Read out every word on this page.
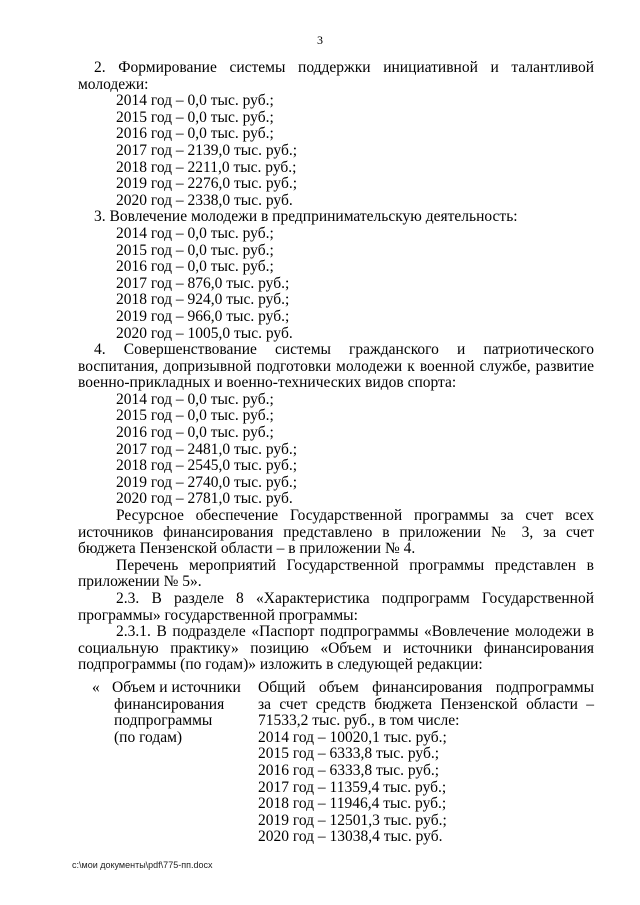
3
2. Формирование системы поддержки инициативной и талантливой
молодежи:
2014 год – 0,0 тыс. руб.;
2015 год – 0,0 тыс. руб.;
2016 год – 0,0 тыс. руб.;
2017 год – 2139,0 тыс. руб.;
2018 год – 2211,0 тыс. руб.;
2019 год – 2276,0 тыс. руб.;
2020 год – 2338,0 тыс. руб.
3. Вовлечение молодежи в предпринимательскую деятельность:
2014 год – 0,0 тыс. руб.;
2015 год – 0,0 тыс. руб.;
2016 год – 0,0 тыс. руб.;
2017 год – 876,0 тыс. руб.;
2018 год – 924,0 тыс. руб.;
2019 год – 966,0 тыс. руб.;
2020 год – 1005,0 тыс. руб.
4. Совершенствование системы гражданского и патриотического
воспитания, допризывной подготовки молодежи к военной службе, развитие
военно-прикладных и военно-технических видов спорта:
2014 год – 0,0 тыс. руб.;
2015 год – 0,0 тыс. руб.;
2016 год – 0,0 тыс. руб.;
2017 год – 2481,0 тыс. руб.;
2018 год – 2545,0 тыс. руб.;
2019 год – 2740,0 тыс. руб.;
2020 год – 2781,0 тыс. руб.
Ресурсное обеспечение Государственной программы за счет всех источников финансирования представлено в приложении № 3, за счет бюджета Пензенской области – в приложении № 4.
Перечень мероприятий Государственной программы представлен в приложении № 5».
2.3. В разделе 8 «Характеристика подпрограмм Государственной программы» государственной программы:
2.3.1. В подразделе «Паспорт подпрограммы «Вовлечение молодежи в социальную практику» позицию «Объем и источники финансирования подпрограммы (по годам)» изложить в следующей редакции:
« Объем и источники
финансирования
подпрограммы
(по годам)
Общий объем финансирования подпрограммы
за счет средств бюджета Пензенской области –
71533,2 тыс. руб., в том числе:
2014 год – 10020,1 тыс. руб.;
2015 год – 6333,8 тыс. руб.;
2016 год – 6333,8 тыс. руб.;
2017 год – 11359,4 тыс. руб.;
2018 год – 11946,4 тыс. руб.;
2019 год – 12501,3 тыс. руб.;
2020 год – 13038,4 тыс. руб.
c:\мои документы\pdf\775-пп.docx
